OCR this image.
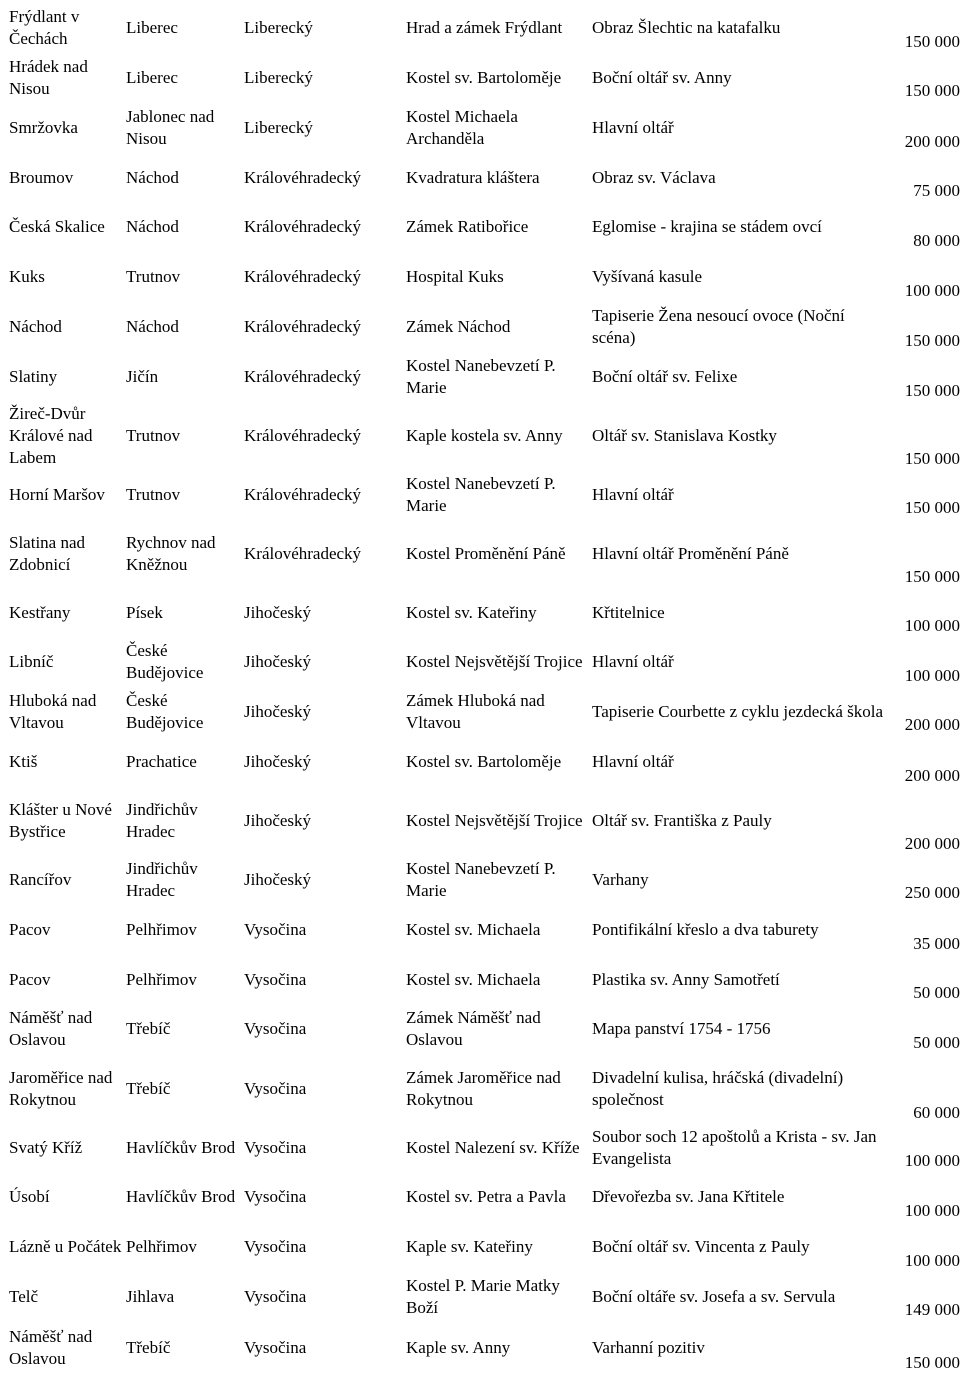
Frýdlant v Čechách	Liberec	Liberecký	Hrad a zámek Frýdlant	Obraz Šlechtic na katafalku	150 000
Hrádek nad Nisou	Liberec	Liberecký	Kostel sv. Bartoloměje	Boční oltář sv. Anny	150 000
Smržovka	Jablonec nad Nisou	Liberecký	Kostel Michaela Archanděla	Hlavní oltář	200 000
Broumov	Náchod	Královéhradecký	Kvadratura kláštera	Obraz sv. Václava	75 000
Česká Skalice	Náchod	Královéhradecký	Zámek Ratibořice	Eglomise - krajina se stádem ovcí	80 000
Kuks	Trutnov	Královéhradecký	Hospital Kuks	Vyšívaná kasule	100 000
Náchod	Náchod	Královéhradecký	Zámek Náchod	Tapiserie Žena nesoucí ovoce (Noční scéna)	150 000
Slatiny	Jičín	Královéhradecký	Kostel Nanebevzetí P. Marie	Boční oltář sv. Felixe	150 000
Žireč-Dvůr Králové nad Labem	Trutnov	Královéhradecký	Kaple kostela sv. Anny	Oltář sv. Stanislava Kostky	150 000
Horní Maršov	Trutnov	Královéhradecký	Kostel Nanebevzetí P. Marie	Hlavní oltář	150 000
Slatina nad Zdobnicí	Rychnov nad Kněžnou	Královéhradecký	Kostel Proměnění Páně	Hlavní oltář Proměnění Páně	150 000
Kestřany	Písek	Jihočeský	Kostel sv. Kateřiny	Křtitelnice	100 000
Libníč	České Budějovice	Jihočeský	Kostel Nejsvětější Trojice	Hlavní oltář	100 000
Hluboká nad Vltavou	České Budějovice	Jihočeský	Zámek Hluboká nad Vltavou	Tapiserie Courbette z cyklu jezdecká škola	200 000
Ktiš	Prachatice	Jihočeský	Kostel sv. Bartoloměje	Hlavní oltář	200 000
Klášter u Nové Bystřice	Jindřichův Hradec	Jihočeský	Kostel Nejsvětější Trojice	Oltář sv. Františka z Pauly	200 000
Rancířov	Jindřichův Hradec	Jihočeský	Kostel Nanebevzetí P. Marie	Varhany	250 000
Pacov	Pelhřimov	Vysočina	Kostel sv. Michaela	Pontifikální křeslo a dva taburety	35 000
Pacov	Pelhřimov	Vysočina	Kostel sv. Michaela	Plastika sv. Anny Samotřetí	50 000
Náměšť nad Oslavou	Třebíč	Vysočina	Zámek Náměšť nad Oslavou	Mapa panství 1754 - 1756	50 000
Jaroměřice nad Rokytnou	Třebíč	Vysočina	Zámek Jaroměřice nad Rokytnou	Divadelní kulisa, hráčská (divadelní) společnost	60 000
Svatý Kříž	Havlíčkův Brod	Vysočina	Kostel Nalezení sv. Kříže	Soubor soch 12 apoštolů a Krista - sv. Jan Evangelista	100 000
Úsobí	Havlíčkův Brod	Vysočina	Kostel sv. Petra a Pavla	Dřevořezba sv. Jana Křtitele	100 000
Lázně u Počátek	Pelhřimov	Vysočina	Kaple sv. Kateřiny	Boční oltář sv. Vincenta z Pauly	100 000
Telč	Jihlava	Vysočina	Kostel P. Marie Matky Boží	Boční oltáře sv. Josefa a sv. Servula	149 000
Náměšť nad Oslavou	Třebíč	Vysočina	Kaple sv. Anny	Varhanní pozitiv	150 000
